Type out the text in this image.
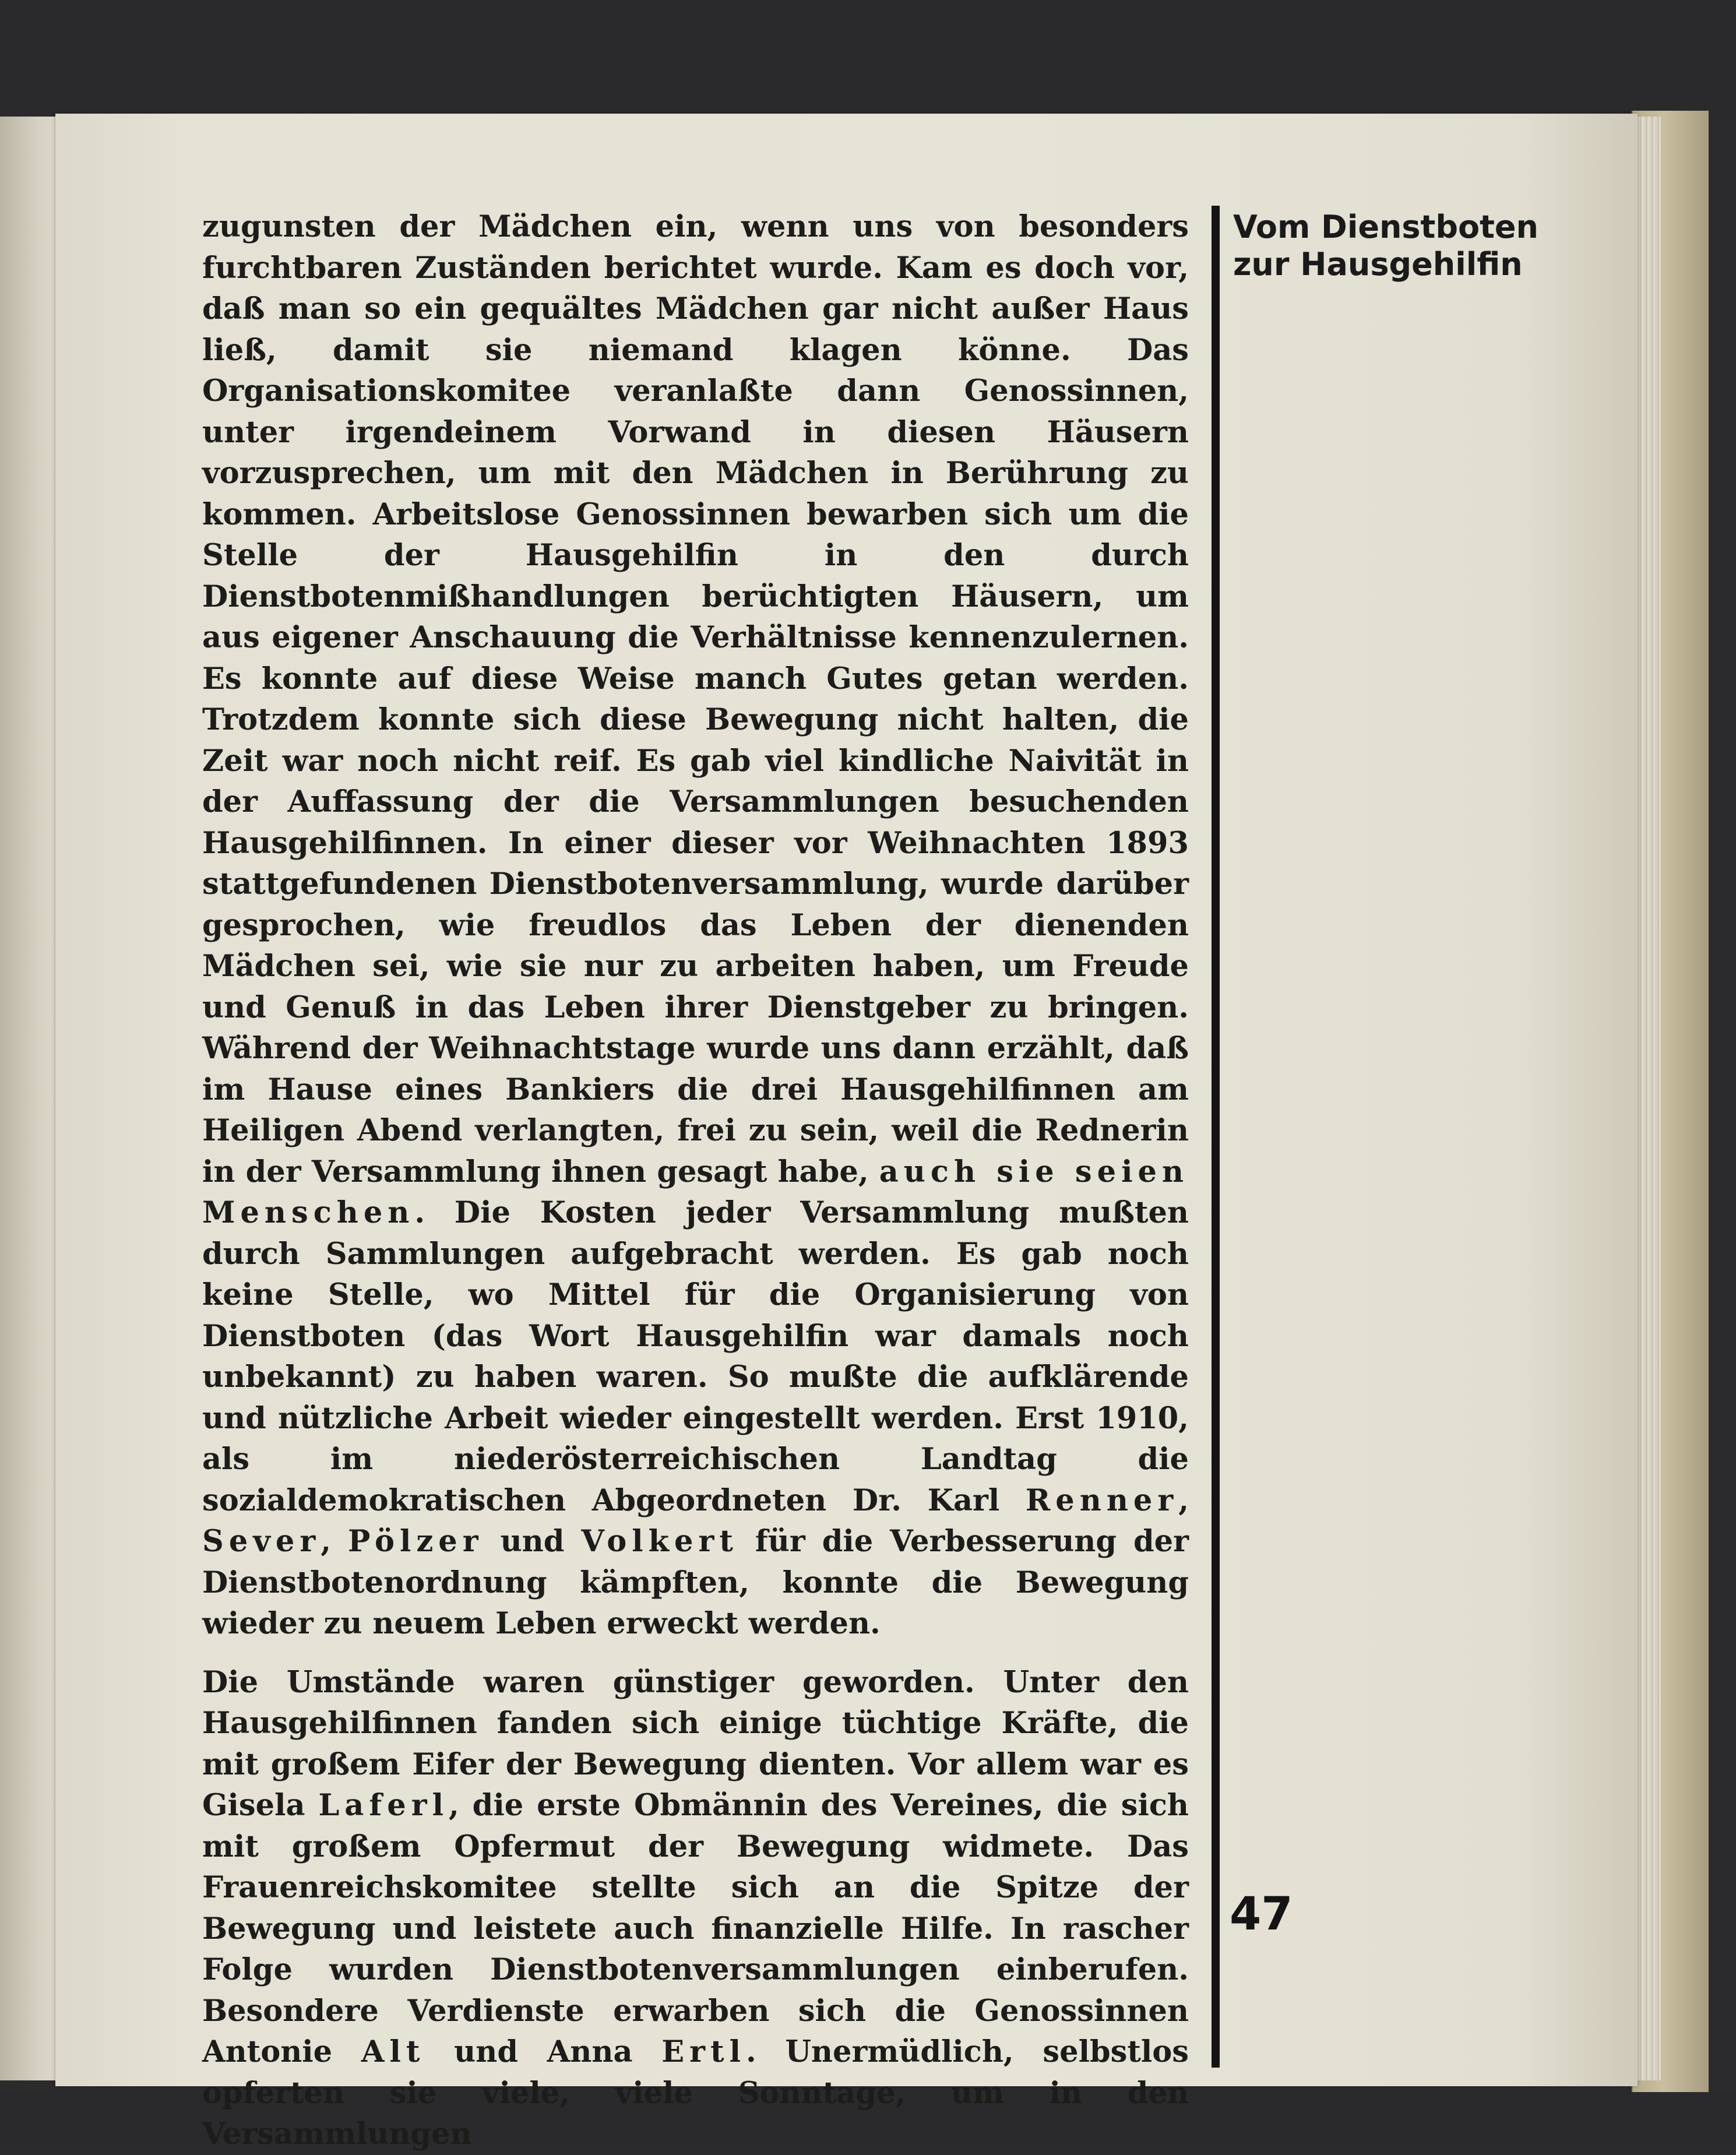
zugunsten der Mädchen ein, wenn uns von besonders furchtbaren Zuständen berichtet wurde. Kam es doch vor, daß man so ein gequältes Mädchen gar nicht außer Haus ließ, damit sie niemand klagen könne. Das Organisationskomitee veranlaßte dann Genossinnen, unter irgendeinem Vorwand in diesen Häusern vorzusprechen, um mit den Mädchen in Berührung zu kommen. Arbeitslose Genossinnen bewarben sich um die Stelle der Hausgehilfin in den durch Dienstbotenmißhandlungen berüchtigten Häusern, um aus eigener Anschauung die Verhältnisse kennenzulernen. Es konnte auf diese Weise manch Gutes getan werden. Trotzdem konnte sich diese Bewegung nicht halten, die Zeit war noch nicht reif. Es gab viel kindliche Naivität in der Auffassung der die Versammlungen besuchenden Hausgehilfinnen. In einer dieser vor Weihnachten 1893 stattgefundenen Dienstbotenversammlung, wurde darüber gesprochen, wie freudlos das Leben der dienenden Mädchen sei, wie sie nur zu arbeiten haben, um Freude und Genuß in das Leben ihrer Dienstgeber zu bringen. Während der Weihnachtstage wurde uns dann erzählt, daß im Hause eines Bankiers die drei Hausgehilfinnen am Heiligen Abend verlangten, frei zu sein, weil die Rednerin in der Versammlung ihnen gesagt habe, auch sie seien Menschen. Die Kosten jeder Versammlung mußten durch Sammlungen aufgebracht werden. Es gab noch keine Stelle, wo Mittel für die Organisierung von Dienstboten (das Wort Hausgehilfin war damals noch unbekannt) zu haben waren. So mußte die aufklärende und nützliche Arbeit wieder eingestellt werden. Erst 1910, als im niederösterreichischen Landtag die sozialdemokratischen Abgeordneten Dr. Karl Renner, Sever, Pölzer und Volkert für die Verbesserung der Dienstbotenordnung kämpften, konnte die Bewegung wieder zu neuem Leben erweckt werden.

Die Umstände waren günstiger geworden. Unter den Hausgehilfinnen fanden sich einige tüchtige Kräfte, die mit großem Eifer der Bewegung dienten. Vor allem war es Gisela Laferl, die erste Obmännin des Vereines, die sich mit großem Opfermut der Bewegung widmete. Das Frauenreichskomitee stellte sich an die Spitze der Bewegung und leistete auch finanzielle Hilfe. In rascher Folge wurden Dienstbotenversammlungen einberufen. Besondere Verdienste erwarben sich die Genossinnen Antonie Alt und Anna Ertl. Unermüdlich, selbstlos opferten sie viele, viele Sonntage, um in den Versammlungen

Vom Dienstboten
zur Hausgehilfin
47
